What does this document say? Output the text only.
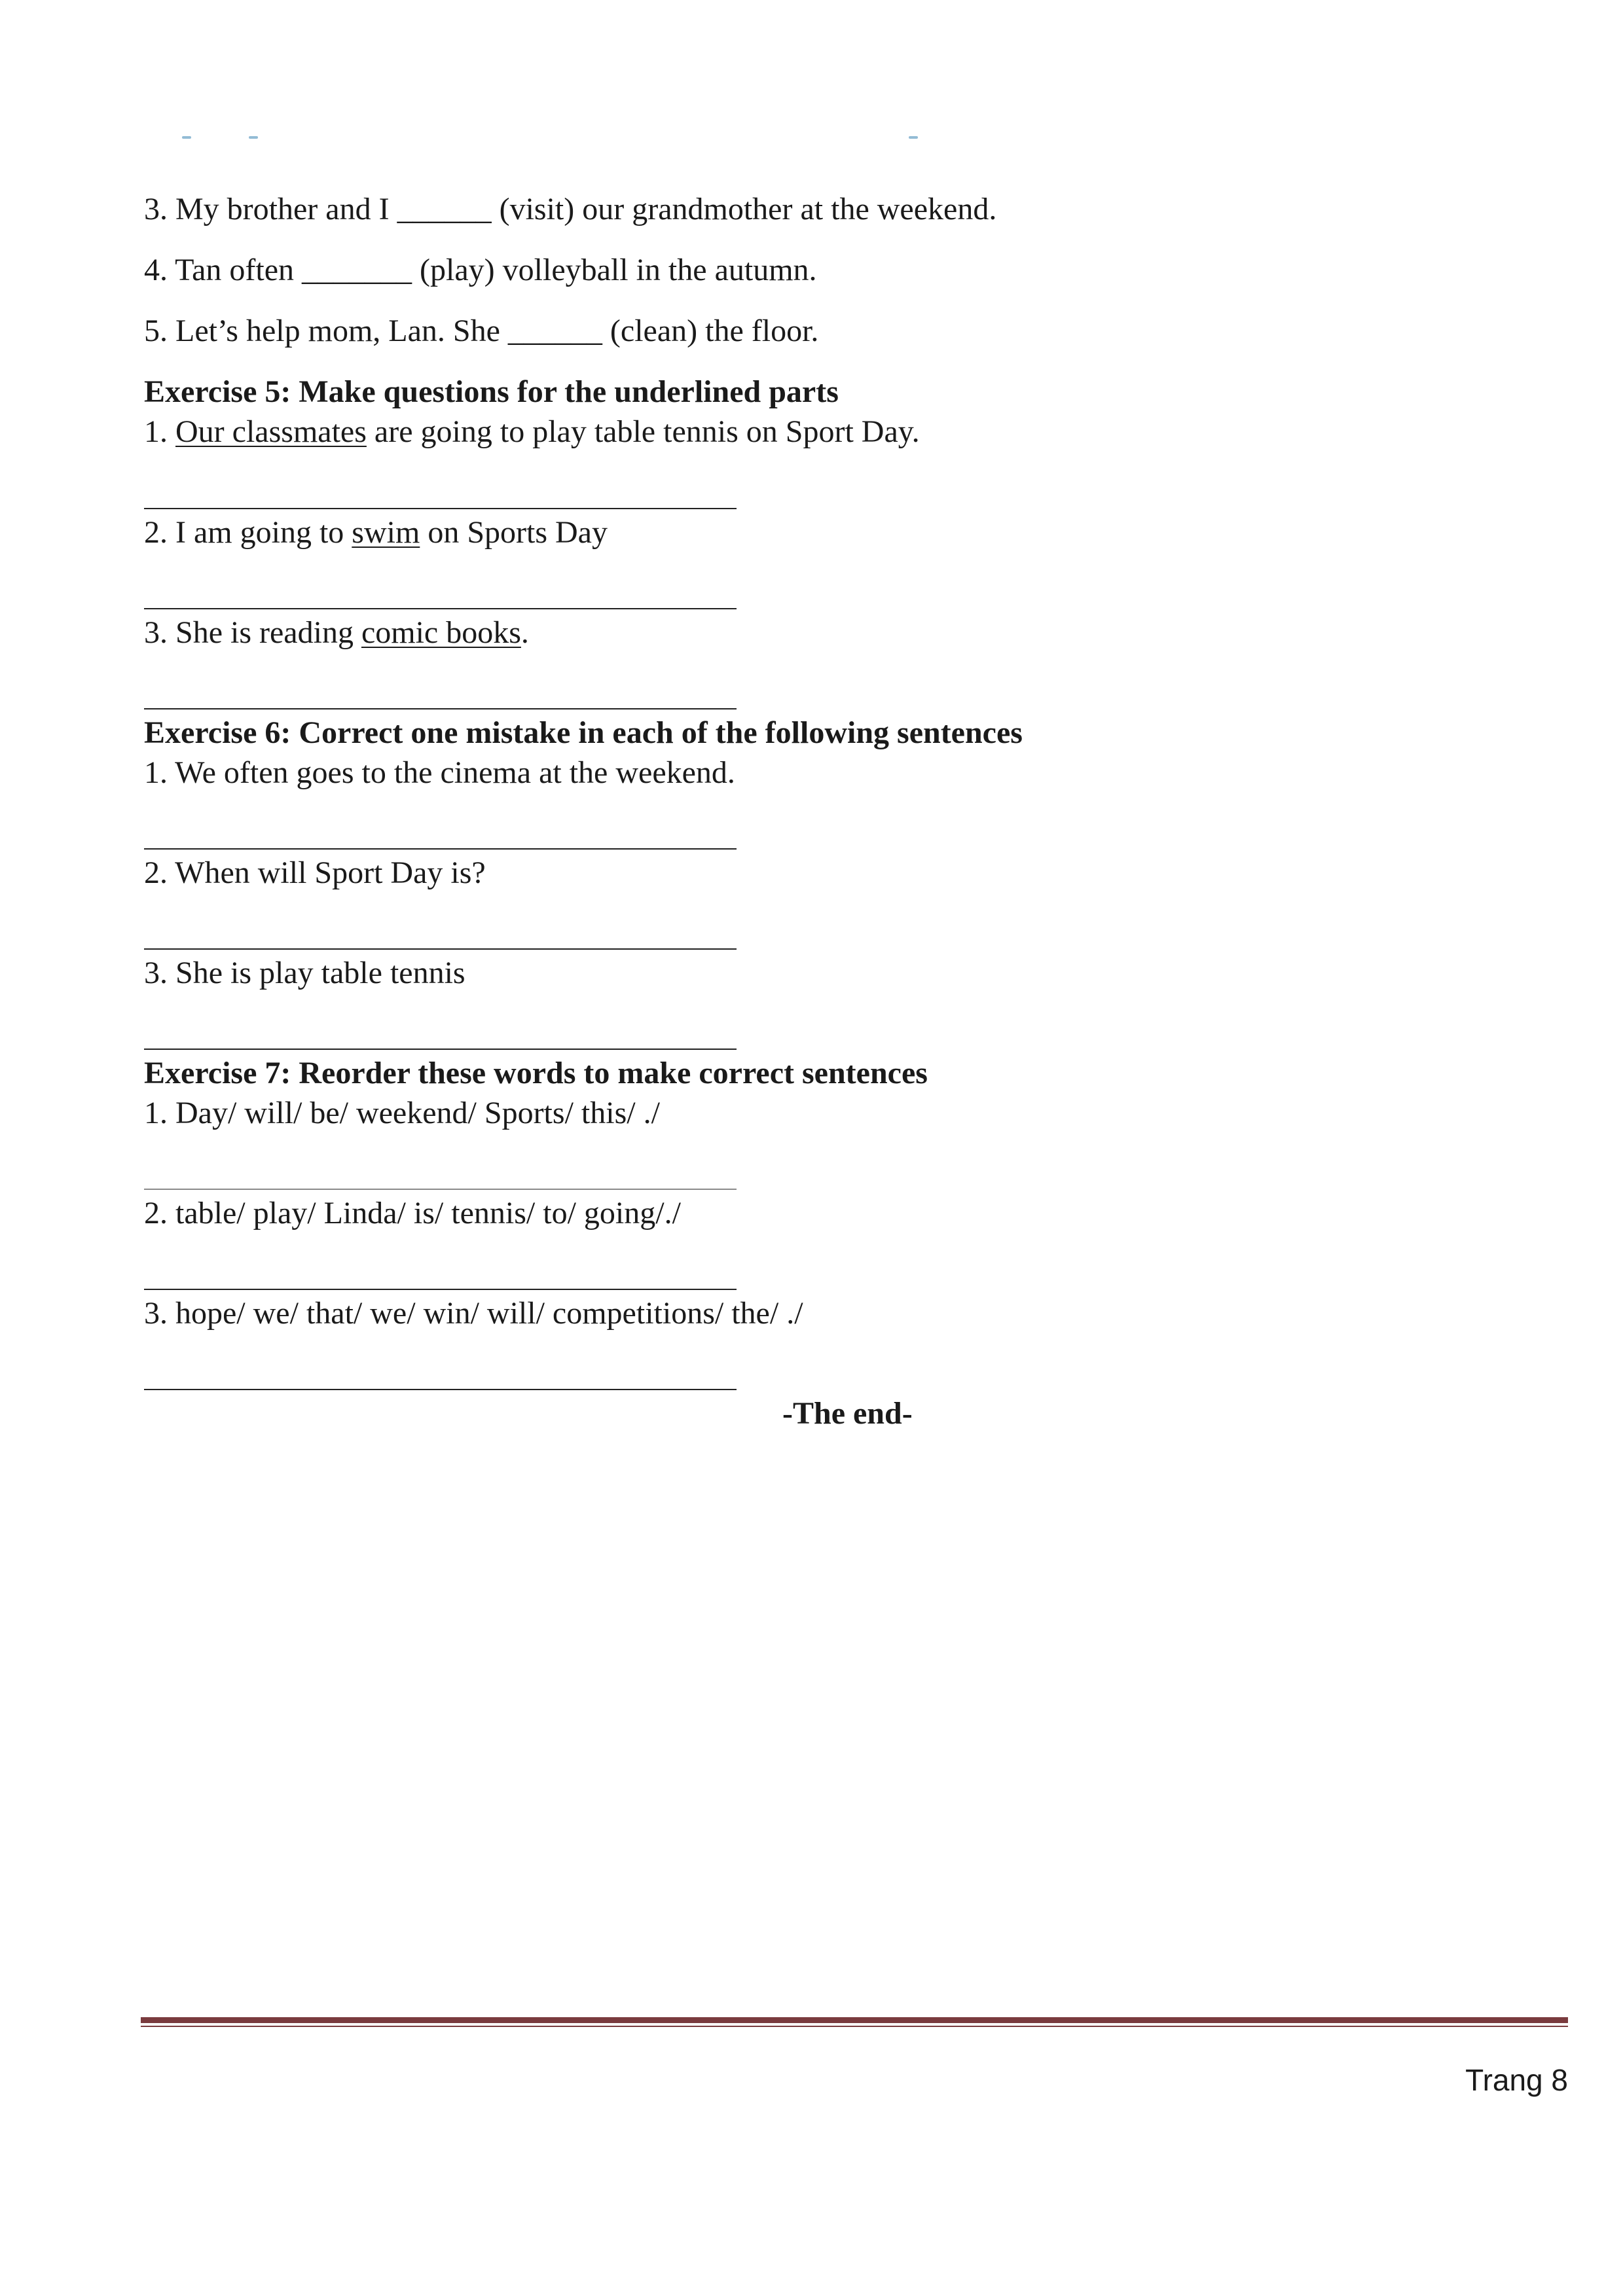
3. My brother and I ______ (visit) our grandmother at the weekend.
4. Tan often _______ (play) volleyball in the autumn.
5. Let’s help mom, Lan. She ______ (clean) the floor.
Exercise 5: Make questions for the underlined parts
1. Our classmates are going to play table tennis on Sport Day.
2. I am going to swim on Sports Day
3. She is reading comic books.
Exercise 6: Correct one mistake in each of the following sentences
1. We often goes to the cinema at the weekend.
2. When will Sport Day is?
3. She is play table tennis
Exercise 7: Reorder these words to make correct sentences
1. Day/ will/ be/ weekend/ Sports/ this/ ./
2. table/ play/ Linda/ is/ tennis/ to/ going/./
3. hope/ we/ that/ we/ win/ will/ competitions/ the/ ./
-The end-
Trang 8
